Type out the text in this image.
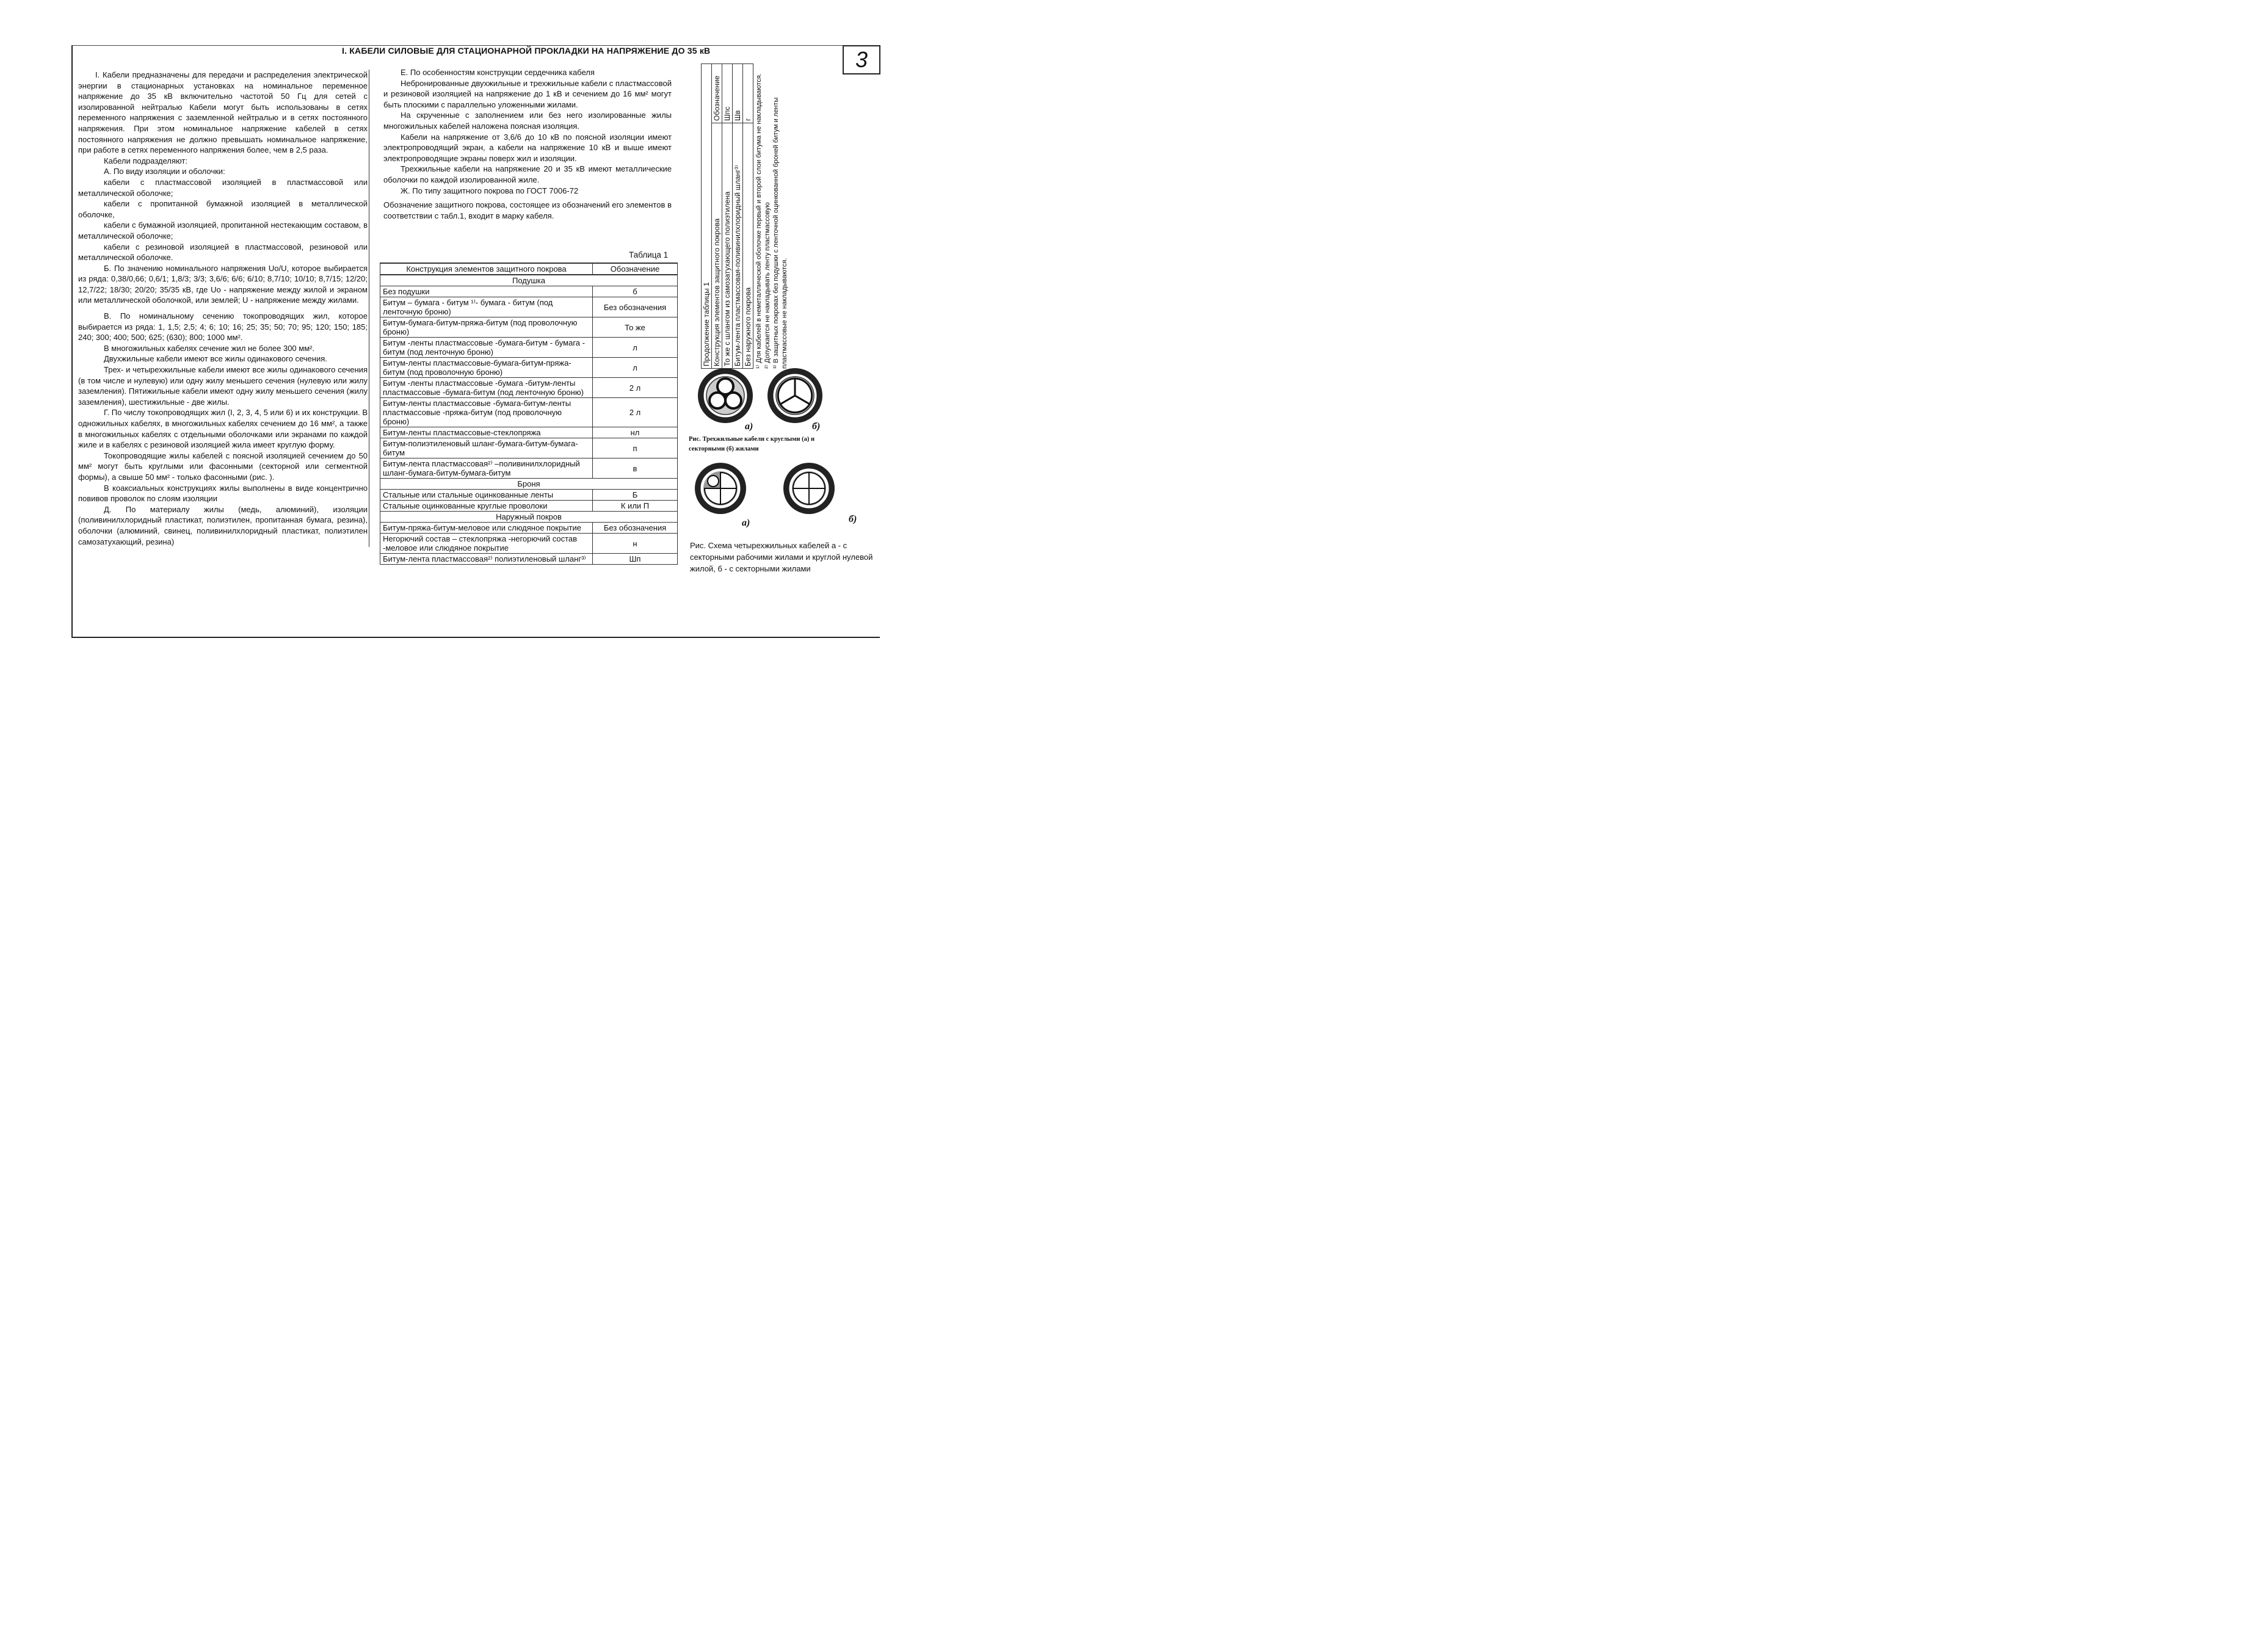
I. КАБЕЛИ СИЛОВЫЕ ДЛЯ СТАЦИОНАРНОЙ ПРОКЛАДКИ НА НАПРЯЖЕНИЕ ДО 35 кВ	3

I. Кабели предназначены для передачи и распределения электрической энергии в стационарных установках на номинальное переменное напряжение до 35 кВ включительно частотой 50 Гц для сетей с изолированной нейтралью Кабели могут быть использованы в сетях переменного напряжения с заземленной нейтралью и в сетях постоянного напряжения. При этом номинальное напряжение кабелей в сетях постоянного напряжения не должно превышать номинальное напряжение, при работе в сетях переменного напряжения более, чем в 2,5 раза.

Кабели подразделяют:

А. По виду изоляции и оболочки:

кабели с пластмассовой изоляцией в пластмассовой или металлической оболочке;

кабели с пропитанной бумажной изоляцией в металлической оболочке,

кабели с бумажной изоляцией, пропитанной нестекающим составом, в металлической оболочке;

кабели с резиновой изоляцией в пластмассовой, резиновой или металлической оболочке.

Б. По значению номинального напряжения Uo/U, которое выбирается из ряда: 0,38/0,66; 0,6/1; 1,8/3; 3/3; 3,6/6; 6/6; 6/10; 8,7/10; 10/10; 8,7/15; 12/20; 12,7/22; 18/30; 20/20; 35/35 кВ, где Uo - напряжение между жилой и экраном или металлической оболочкой, или землей; U - напряжение между жилами.

В. По номинальному сечению токопроводящих жил, которое выбирается из ряда: 1, 1,5; 2,5; 4; 6; 10; 16; 25; 35; 50; 70; 95; 120; 150; 185; 240; 300; 400; 500; 625; (630); 800; 1000 мм².

В многожильных кабелях сечение жил не более 300 мм².

Двухжильные кабели имеют все жилы одинакового сечения.

Трех- и четырехжильные кабели имеют все жилы одинакового сечения (в том числе и нулевую) или одну жилу меньшего сечения (нулевую или жилу заземления). Пятижильные кабели имеют одну жилу меньшего сечения (жилу заземления), шестижильные - две жилы.

Г. По числу токопроводящих жил (I, 2, 3, 4, 5 или 6) и их конструкции. В одножильных кабелях, в многожильных кабелях сечением до 16 мм², а также в многожильных кабелях с отдельными оболочками или экранами по каждой жиле и в кабелях с резиновой изоляцией жила имеет круглую форму.

Токопроводящие жилы кабелей с поясной изоляцией сечением до 50 мм² могут быть круглыми или фасонными (секторной или сегментной формы), а свыше 50 мм² - только фасонными (рис. ).

В коаксиальных конструкциях жилы выполнены в виде концентрично повивов проволок по слоям изоляции

Д. По материалу жилы (медь, алюминий), изоляции (поливинилхлоридный пластикат, полиэтилен, пропитанная бумага, резина), оболочки (алюминий, свинец, поливинилхлоридный пластикат, полиэтилен самозатухающий, резина)

Е. По особенностям конструкции сердечника кабеля

Небронированные двухжильные и трехжильные кабели с пластмассовой и резиновой изоляцией на напряжение до 1 кВ и сечением до 16 мм² могут быть плоскими с параллельно уложенными жилами.

На скрученные с заполнением или без него изолированные жилы многожильных кабелей наложена поясная изоляция.

Кабели на напряжение от 3,6/6 до 10 кВ по поясной изоляции имеют электропроводящий экран, а кабели на напряжение 10 кВ и выше имеют электропроводящие экраны поверх жил и изоляции.

Трехжильные кабели на напряжение 20 и 35 кВ имеют металлические оболочки по каждой изолированной жиле.

Ж. По типу защитного покрова по ГОСТ 7006-72

Обозначение защитного покрова, состоящее из обозначений его элементов в соответствии с табл.1, входит в марку кабеля.

Таблица 1
Конструкция элементов защитного покрова	Обозначение
Подушка	
Без подушки	б
Битум – бумага - битум ¹⁾- бумага - битум (под ленточную броню)	Без обозначения
Битум-бумага-битум-пряжа-битум (под проволочную броню)	То же
Битум -ленты пластмассовые -бумага-битум - бумага - битум (под ленточную броню)	л
Битум-ленты пластмассовые-бумага-битум-пряжа-битум (под проволочную броню)	л
Битум -ленты пластмассовые -бумага -битум-ленты пластмассовые -бумага-битум (под ленточную броню)	2 л
Битум-ленты пластмассовые -бумага-битум-ленты пластмассовые -пряжа-битум (под проволочную броню)	2 л
Битум-ленты пластмассовые-стеклопряжа	нл
Битум-полиэтиленовый шланг-бумага-битум-бумага-битум	п
Битум-лента пластмассовая²⁾ –поливинилхлоридный шланг-бумага-битум-бумага-битум	в
Броня	
Стальные или стальные оцинкованные ленты	Б
Стальные оцинкованные круглые проволоки	К или П
Наружный покров	
Битум-пряжа-битум-меловое или слюдяное покрытие	Без обозначения
Негорючий состав – стеклопряжа -негорючий состав -меловое или слюдяное покрытие	н
Битум-лента пластмассовая²⁾ полиэтиленовый шланг³⁾	Шп
Продолжение таблицы 1	
Конструкция элементов защитного покрова	Обозначение
То же с шлангом из самозатухающего полиэтилена	Шпс
Битум-лента пластмассовая-поливинилхлоридный шланг³⁾	Шв
Без наружного покрова	г ¹⁾ Для кабелей в неметаллической оболочке первый и второй слои битума не накладываются. ²⁾ Допускается не накладывать ленту пластмассовую ³⁾ В защитных покровах без подушки с ленточной оцинкованной броней битум и ленты пластмассовые не накладываются.
а)	б)
Рис. Трехжильные кабели с круглыми (а) и секторными (б) жилами
а)	б)
Рис. Схема четырехжильных кабелей а - с секторными рабочими жилами и круглой нулевой жилой, б - с секторными жилами
